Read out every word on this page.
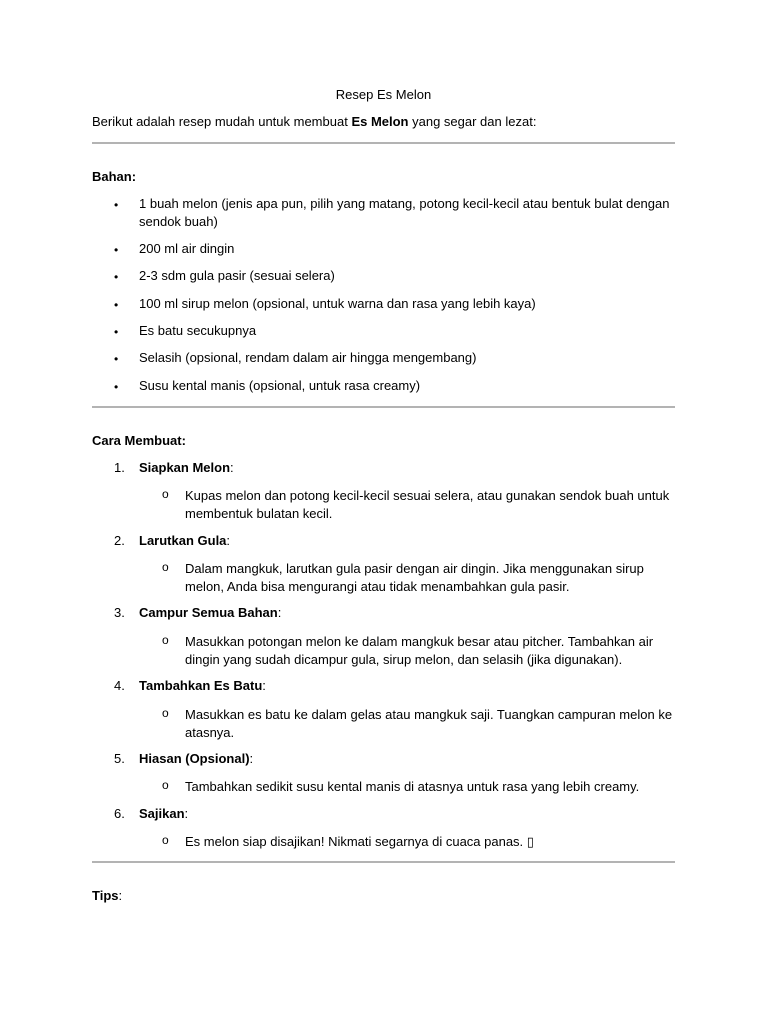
Resep Es Melon
Berikut adalah resep mudah untuk membuat Es Melon yang segar dan lezat:
Bahan:
• 1 buah melon (jenis apa pun, pilih yang matang, potong kecil-kecil atau bentuk bulat dengan sendok buah)
• 200 ml air dingin
• 2-3 sdm gula pasir (sesuai selera)
• 100 ml sirup melon (opsional, untuk warna dan rasa yang lebih kaya)
• Es batu secukupnya
• Selasih (opsional, rendam dalam air hingga mengembang)
• Susu kental manis (opsional, untuk rasa creamy)
Cara Membuat:
1. Siapkan Melon:
o Kupas melon dan potong kecil-kecil sesuai selera, atau gunakan sendok buah untuk membentuk bulatan kecil.
2. Larutkan Gula:
o Dalam mangkuk, larutkan gula pasir dengan air dingin. Jika menggunakan sirup melon, Anda bisa mengurangi atau tidak menambahkan gula pasir.
3. Campur Semua Bahan:
o Masukkan potongan melon ke dalam mangkuk besar atau pitcher. Tambahkan air dingin yang sudah dicampur gula, sirup melon, dan selasih (jika digunakan).
4. Tambahkan Es Batu:
o Masukkan es batu ke dalam gelas atau mangkuk saji. Tuangkan campuran melon ke atasnya.
5. Hiasan (Opsional):
o Tambahkan sedikit susu kental manis di atasnya untuk rasa yang lebih creamy.
6. Sajikan:
o Es melon siap disajikan! Nikmati segarnya di cuaca panas. ▯
Tips:
